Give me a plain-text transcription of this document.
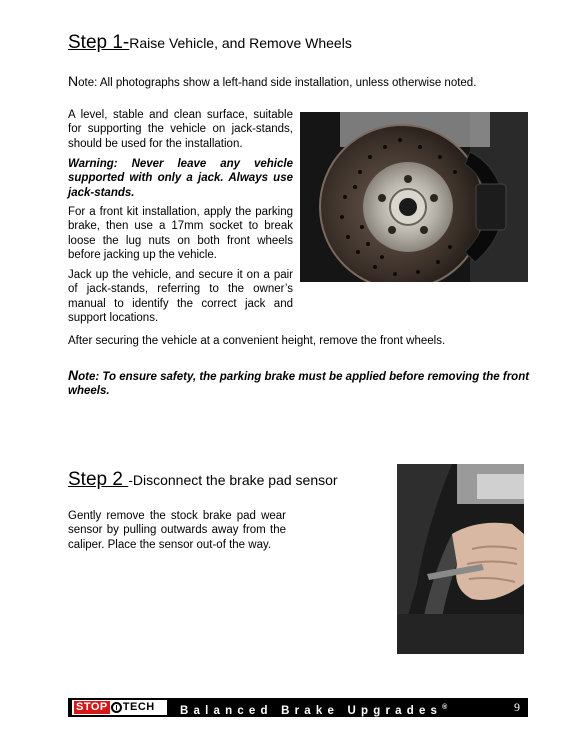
Step 1-Raise Vehicle, and Remove Wheels
Note: All photographs show a left-hand side installation, unless otherwise noted.
A level, stable and clean surface, suitable for supporting the vehicle on jack-stands, should be used for the installation.
Warning: Never leave any vehicle supported with only a jack. Always use jack-stands.
For a front kit installation, apply the parking brake, then use a 17mm socket to break loose the lug nuts on both front wheels before jacking up the vehicle.
Jack up the vehicle, and secure it on a pair of jack-stands, referring to the owner’s manual to identify the correct jack and support locations.
After securing the vehicle at a convenient height, remove the front wheels.
Note: To ensure safety, the parking brake must be applied before removing the front wheels.
Step 2 -Disconnect the brake pad sensor
Gently remove the stock brake pad wear sensor by pulling outwards away from the caliper. Place the sensor out-of the way.
STOP TECH Balanced Brake Upgrades®	9
